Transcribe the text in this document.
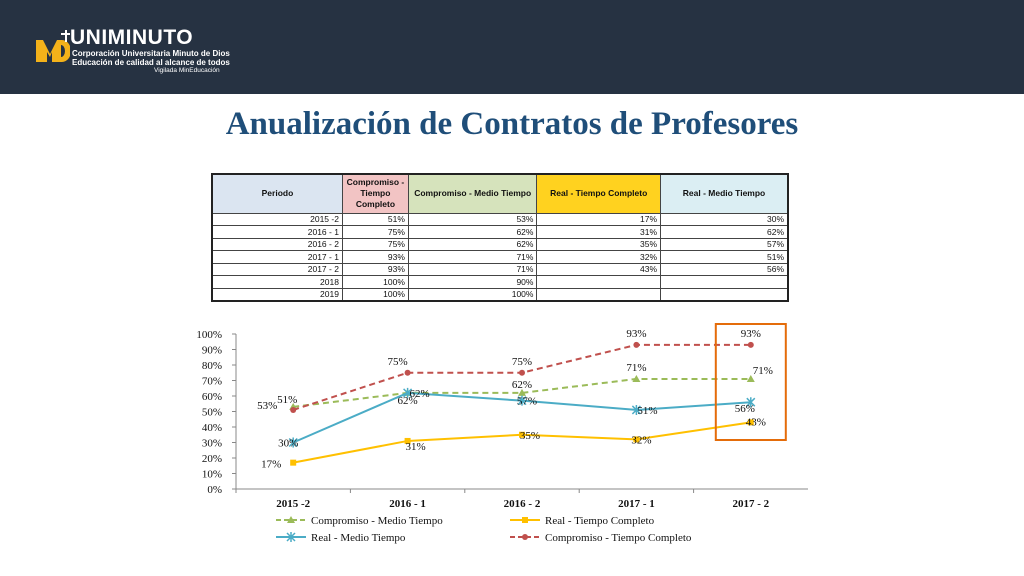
UNIMINUTO
Corporación Universitaria Minuto de Dios
Educación de calidad al alcance de todos
Vigilada MinEducación
Anualización de Contratos de Profesores
Periodo	Compromiso - Tiempo Completo	Compromiso - Medio Tiempo	Real - Tiempo Completo	Real - Medio Tiempo
2015 -2	51%	53%	17%	30%
2016 - 1	75%	62%	31%	62%
2016 - 2	75%	62%	35%	57%
2017 - 1	93%	71%	32%	51%
2017 - 2	93%	71%	43%	56%
2018	100%	90%		
2019	100%	100%		
0%
10%
20%
30%
40%
50%
60%
70%
80%
90%
100%
2015 -2	2016 - 1	2016 - 2	2017 - 1	2017 - 2
53%	62%
62%
71%	71%
17%
31%
35%	32%
43%
30%
62%
57%
51%	56%
51%
75%	75%
93%	93%
Compromiso - Medio Tiempo	Real - Tiempo Completo
Real - Medio Tiempo	Compromiso - Tiempo Completo
